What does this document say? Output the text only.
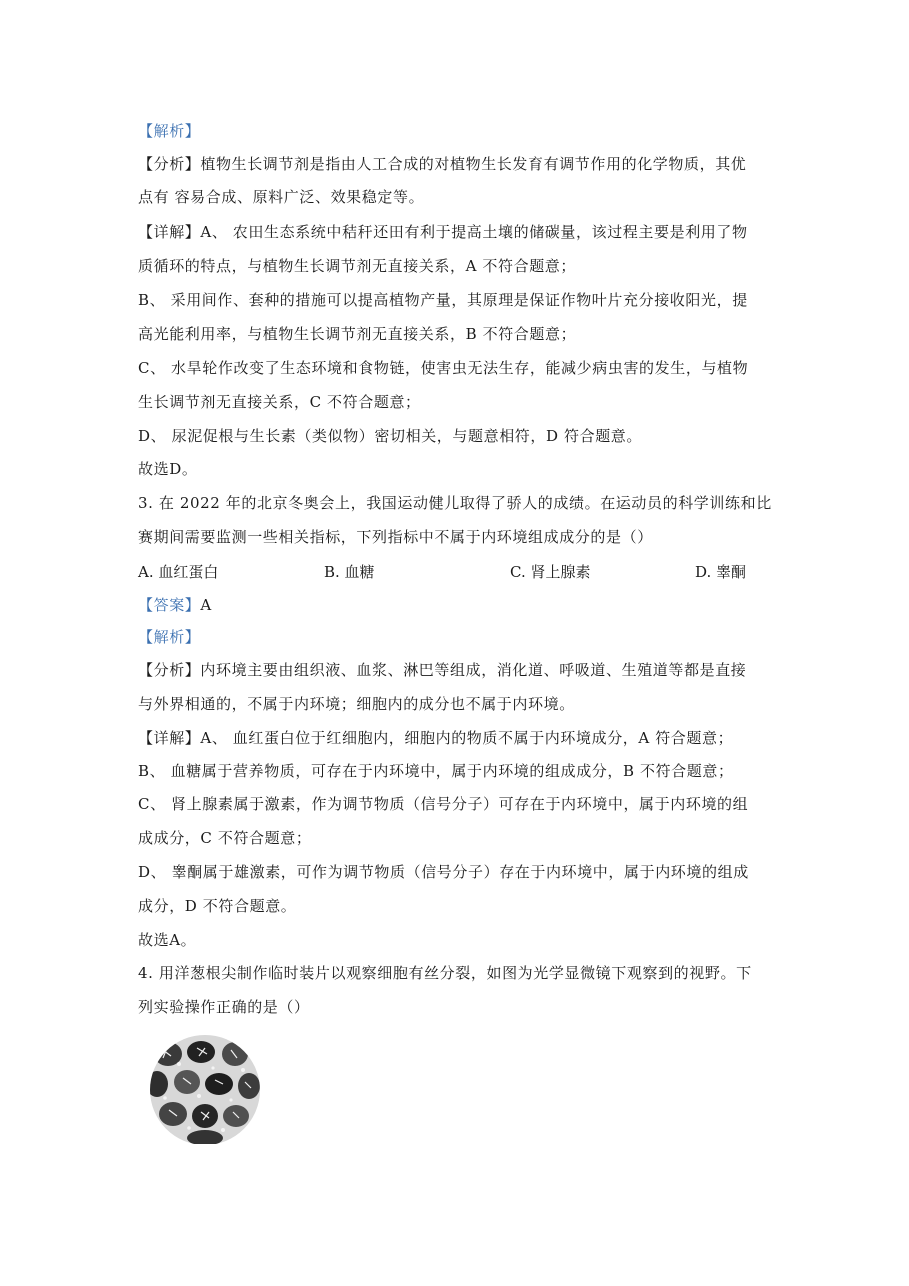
【解析】
【分析】植物生长调节剂是指由人工合成的对植物生长发育有调节作用的化学物质，其优
点有 容易合成、原料广泛、效果稳定等。
【详解】A、 农田生态系统中秸秆还田有利于提高土壤的储碳量，该过程主要是利用了物
质循环的特点，与植物生长调节剂无直接关系，A 不符合题意；
B、 采用间作、套种的措施可以提高植物产量，其原理是保证作物叶片充分接收阳光，提
高光能利用率，与植物生长调节剂无直接关系，B 不符合题意；
C、 水旱轮作改变了生态环境和食物链，使害虫无法生存，能减少病虫害的发生，与植物
生长调节剂无直接关系，C 不符合题意；
D、 尿泥促根与生长素（类似物）密切相关，与题意相符，D 符合题意。
故选D。
3. 在 2022 年的北京冬奥会上，我国运动健儿取得了骄人的成绩。在运动员的科学训练和比
赛期间需要监测一些相关指标，下列指标中不属于内环境组成成分的是（）
A. 血红蛋白	B. 血糖	C. 肾上腺素	D. 睾酮
【答案】A
【解析】
【分析】内环境主要由组织液、血浆、淋巴等组成，消化道、呼吸道、生殖道等都是直接
与外界相通的，不属于内环境；细胞内的成分也不属于内环境。
【详解】A、 血红蛋白位于红细胞内，细胞内的物质不属于内环境成分，A 符合题意；
B、 血糖属于营养物质，可存在于内环境中，属于内环境的组成成分，B 不符合题意；
C、 肾上腺素属于激素，作为调节物质（信号分子）可存在于内环境中，属于内环境的组
成成分，C 不符合题意；
D、 睾酮属于雄激素，可作为调节物质（信号分子）存在于内环境中，属于内环境的组成
成分，D 不符合题意。
故选A。
4. 用洋葱根尖制作临时装片以观察细胞有丝分裂，如图为光学显微镜下观察到的视野。下
列实验操作正确的是（）
